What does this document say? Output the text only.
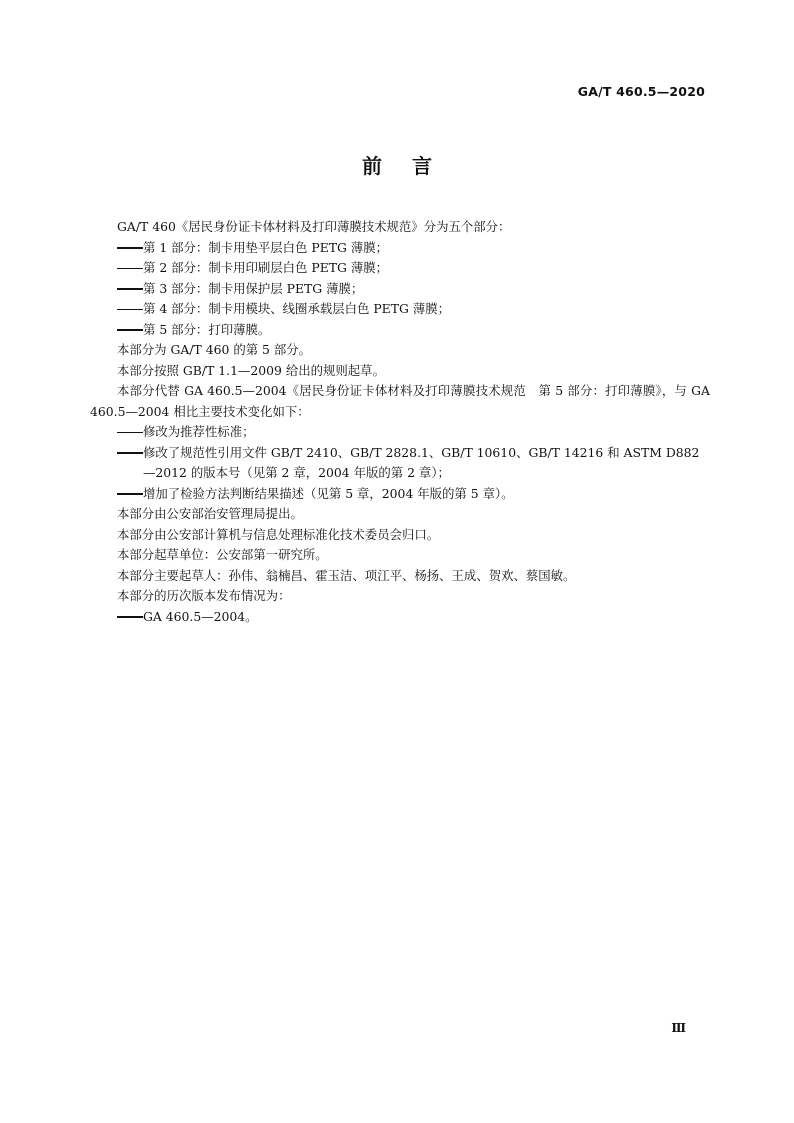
GA/T 460.5—2020
前言

GA/T 460《居民身份证卡体材料及打印薄膜技术规范》分为五个部分：

第 1 部分：制卡用垫平层白色 PETG 薄膜；

第 2 部分：制卡用印刷层白色 PETG 薄膜；

第 3 部分：制卡用保护层 PETG 薄膜；

第 4 部分：制卡用模块、线圈承载层白色 PETG 薄膜；

第 5 部分：打印薄膜。

本部分为 GA/T 460 的第 5 部分。

本部分按照 GB/T 1.1—2009 给出的规则起草。

本部分代替 GA 460.5—2004《居民身份证卡体材料及打印薄膜技术规范　第 5 部分：打印薄膜》，与 GA 460.5—2004 相比主要技术变化如下：

修改为推荐性标准；

修改了规范性引用文件 GB/T 2410、GB/T 2828.1、GB/T 10610、GB/T 14216 和 ASTM D882—2012 的版本号（见第 2 章，2004 年版的第 2 章）；

增加了检验方法判断结果描述（见第 5 章，2004 年版的第 5 章）。

本部分由公安部治安管理局提出。

本部分由公安部计算机与信息处理标准化技术委员会归口。

本部分起草单位：公安部第一研究所。

本部分主要起草人：孙伟、翁楠昌、霍玉洁、项江平、杨扬、王成、贺欢、蔡国敏。

本部分的历次版本发布情况为：

GA 460.5—2004。

Ⅲ
